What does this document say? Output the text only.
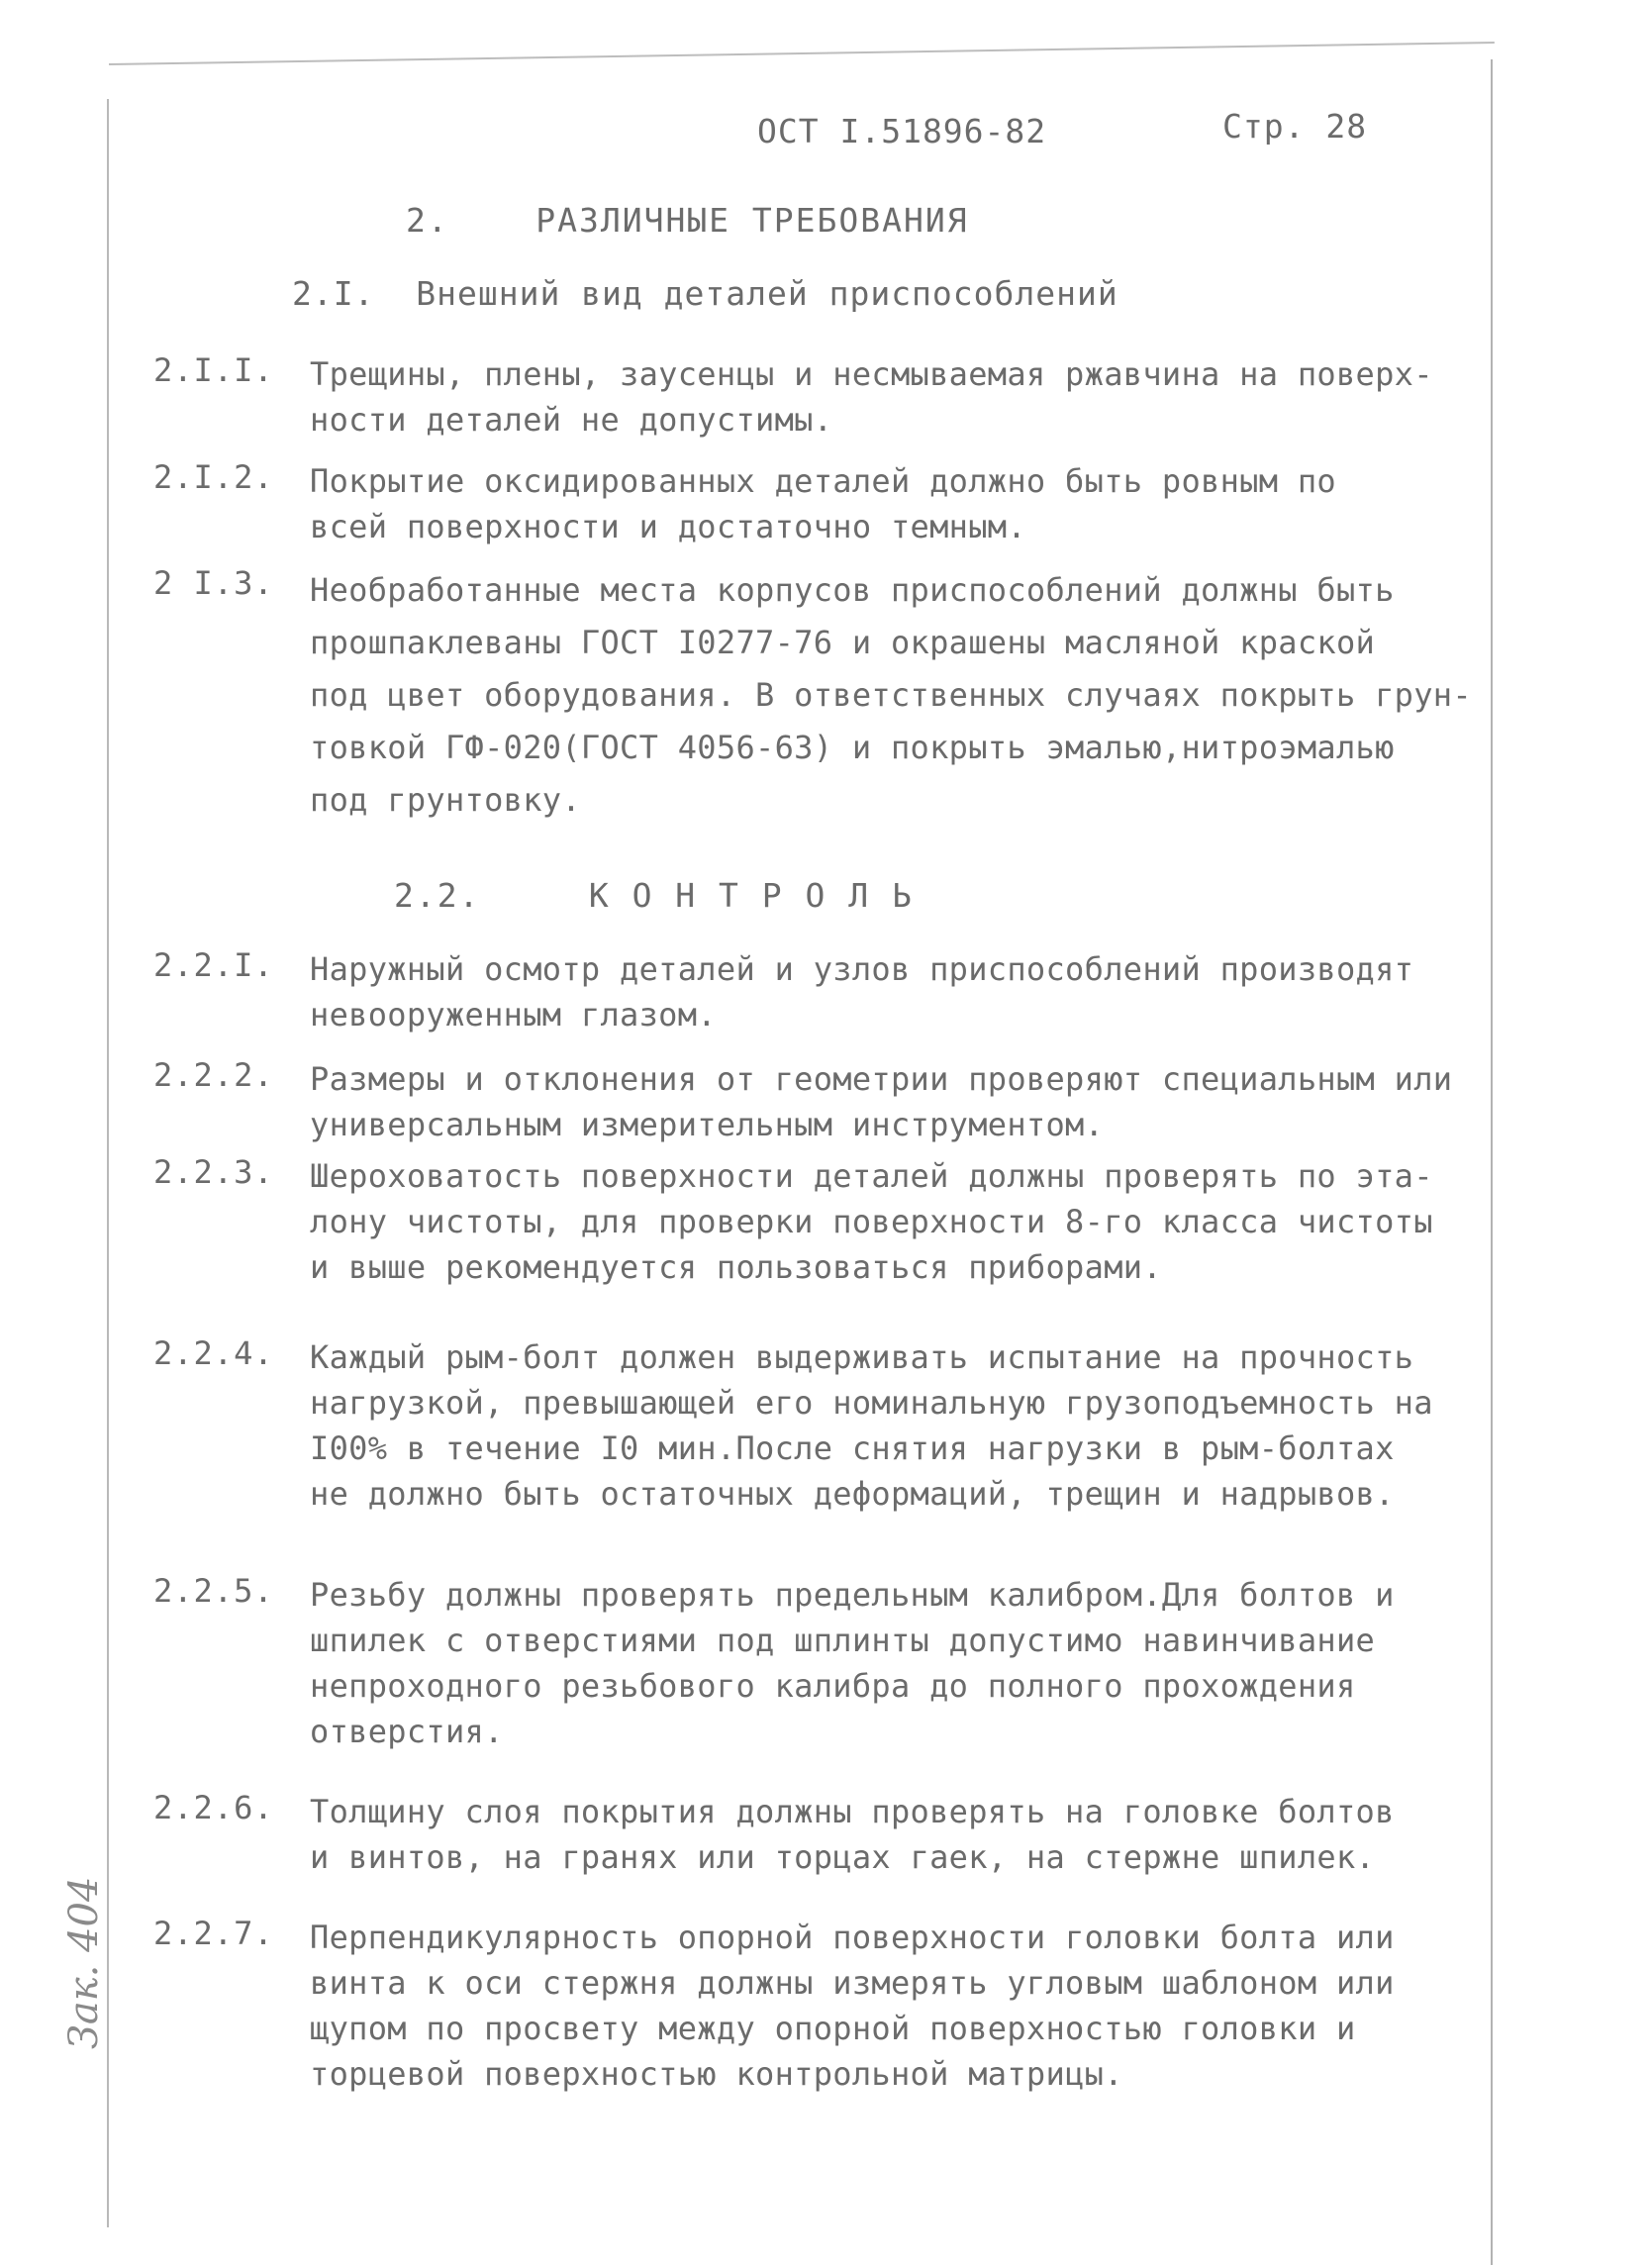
ОСТ I.51896-82	Стр. 28
2.	РАЗЛИЧНЫЕ ТРЕБОВАНИЯ
2.I. Внешний вид деталей приспособлений
2.I.I.	Трещины, плены, заусенцы и несмываемая ржавчина на поверх-
ности деталей не допустимы.
2.I.2.	Покрытие оксидированных деталей должно быть ровным по
всей поверхности и достаточно темным.
2 I.3.	Необработанные места корпусов приспособлений должны быть
прошпаклеваны ГОСТ I0277-76 и окрашены масляной краской
под цвет оборудования. В ответственных случаях покрыть грун-
товкой ГФ-020(ГОСТ 4056-63) и покрыть эмалью,нитроэмалью
под грунтовку.
2.2.	К О Н Т Р О Л Ь
2.2.I.	Наружный осмотр деталей и узлов приспособлений производят
невооруженным глазом.
2.2.2.	Размеры и отклонения от геометрии проверяют специальным или
универсальным измерительным инструментом.
2.2.3.	Шероховатость поверхности деталей должны проверять по эта-
лону чистоты, для проверки поверхности 8-го класса чистоты
и выше рекомендуется пользоваться приборами.
2.2.4.	Каждый рым-болт должен выдерживать испытание на прочность
нагрузкой, превышающей его номинальную грузоподъемность на
I00% в течение I0 мин.После снятия нагрузки в рым-болтах
не должно быть остаточных деформаций, трещин и надрывов.
2.2.5.	Резьбу должны проверять предельным калибром.Для болтов и
шпилек с отверстиями под шплинты допустимо навинчивание
непроходного резьбового калибра до полного прохождения
отверстия.
2.2.6.	Толщину слоя покрытия должны проверять на головке болтов
и винтов, на гранях или торцах гаек, на стержне шпилек.
2.2.7.	Перпендикулярность опорной поверхности головки болта или
винта к оси стержня должны измерять угловым шаблоном или
щупом по просвету между опорной поверхностью головки и
торцевой поверхностью контрольной матрицы.
Зак. 404
